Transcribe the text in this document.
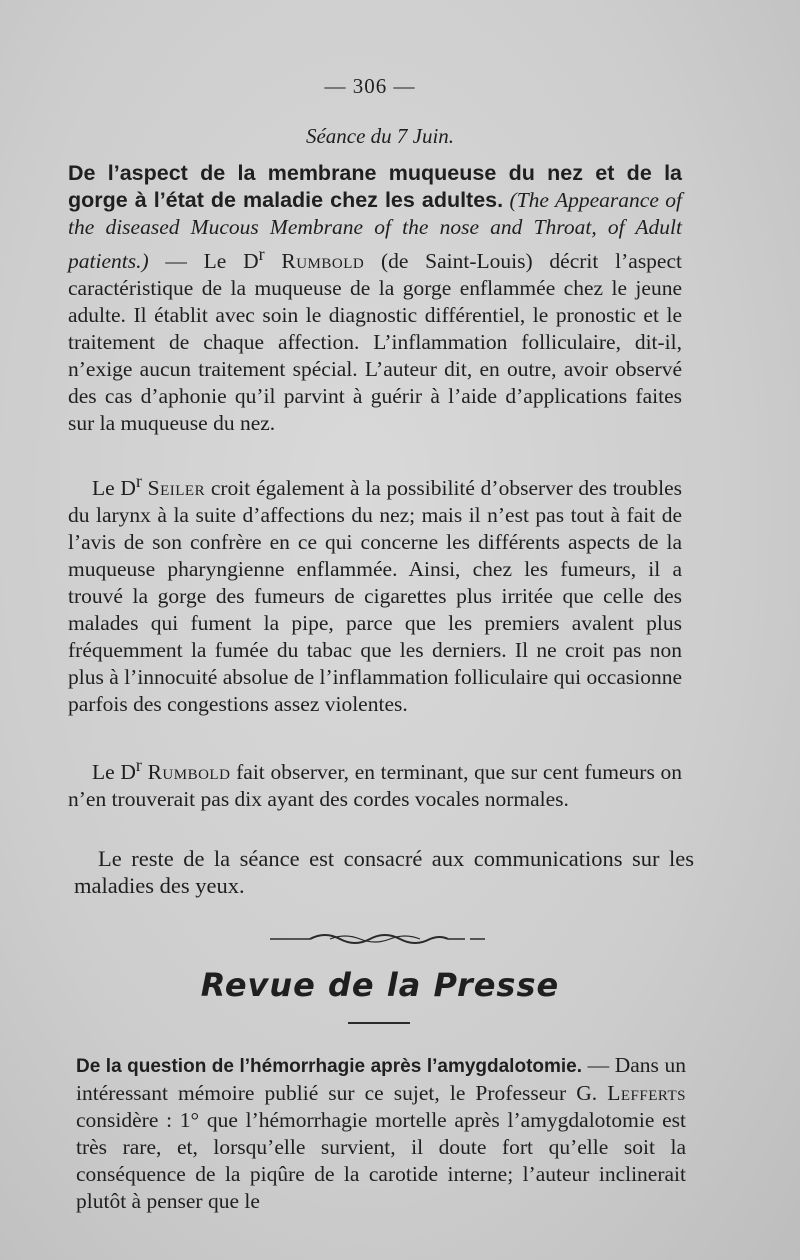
— 306 —
Séance du 7 Juin.
De l’aspect de la membrane muqueuse du nez et de la gorge à l’état de maladie chez les adultes. (The Appearance of the diseased Mucous Membrane of the nose and Throat, of Adult patients.) — Le $D^r$ Rumbold (de Saint-Louis) décrit l’aspect caractéristique de la muqueuse de la gorge enflammée chez le jeune adulte. Il établit avec soin le diagnostic différentiel, le pronostic et le traitement de chaque affection. L’inflammation folliculaire, dit-il, n’exige aucun traitement spécial. L’auteur dit, en outre, avoir observé des cas d’aphonie qu’il parvint à guérir à l’aide d’applications faites sur la muqueuse du nez.
Le $D^r$ Seiler croit également à la possibilité d’observer des troubles du larynx à la suite d’affections du nez; mais il n’est pas tout à fait de l’avis de son confrère en ce qui concerne les différents aspects de la muqueuse pharyngienne enflammée. Ainsi, chez les fumeurs, il a trouvé la gorge des fumeurs de cigarettes plus irritée que celle des malades qui fument la pipe, parce que les premiers avalent plus fréquemment la fumée du tabac que les derniers. Il ne croit pas non plus à l’innocuité absolue de l’inflammation folliculaire qui occasionne parfois des congestions assez violentes.
Le $D^r$ Rumbold fait observer, en terminant, que sur cent fumeurs on n’en trouverait pas dix ayant des cordes vocales normales.
Le reste de la séance est consacré aux communications sur les maladies des yeux.
Revue de la Presse
De la question de l’hémorrhagie après l’amygdalotomie. — Dans un intéressant mémoire publié sur ce sujet, le Professeur G. Lefferts considère : 1° que l’hémorrhagie mortelle après l’amygdalotomie est très rare, et, lorsqu’elle survient, il doute fort qu’elle soit la conséquence de la piqûre de la carotide interne; l’auteur inclinerait plutôt à penser que le
